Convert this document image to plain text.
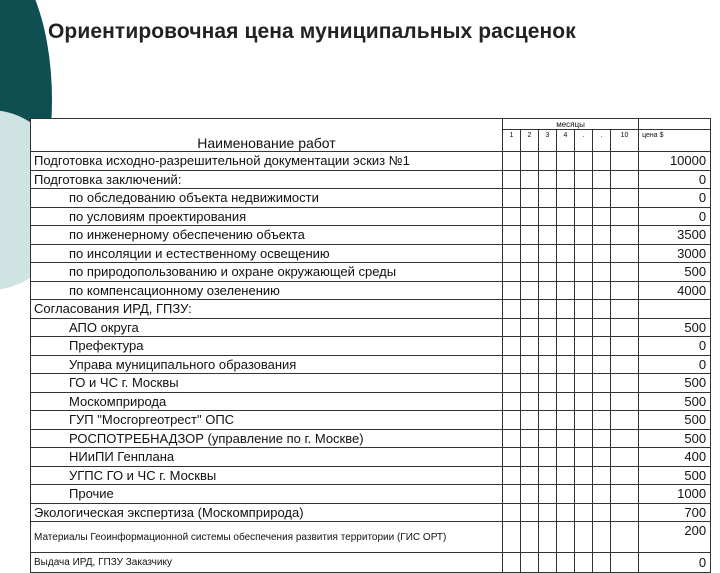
Ориентировочная цена муниципальных расценок
	месяцы							
Наименование работ	1	2	3	4	.	.	10	цена $
Подготовка исходно-разрешительной документации эскиз №1								10000
Подготовка заключений:								0
по обследованию объекта недвижимости								0
по условиям проектирования								0
по инженерному обеспечению объекта								3500
по инсоляции и естественному освещению								3000
по природопользованию и охране окружающей среды								500
по компенсационному озеленению								4000
Согласования ИРД, ГПЗУ:								
АПО округа								500
Префектура								0
Управа муниципального образования								0
ГО и ЧС г. Москвы								500
Москомприрода								500
ГУП "Мосгоргеотрест" ОПС								500
РОСПОТРЕБНАДЗОР (управление по г. Москве)								500
НИиПИ Генплана								400
УГПС ГО и ЧС г. Москвы								500
Прочие								1000
Экологическая экспертиза (Москомприрода)								700
Материалы Геоинформационной системы обеспечения развития территории (ГИС ОРТ)								200
Выдача ИРД, ГПЗУ Заказчику								0
